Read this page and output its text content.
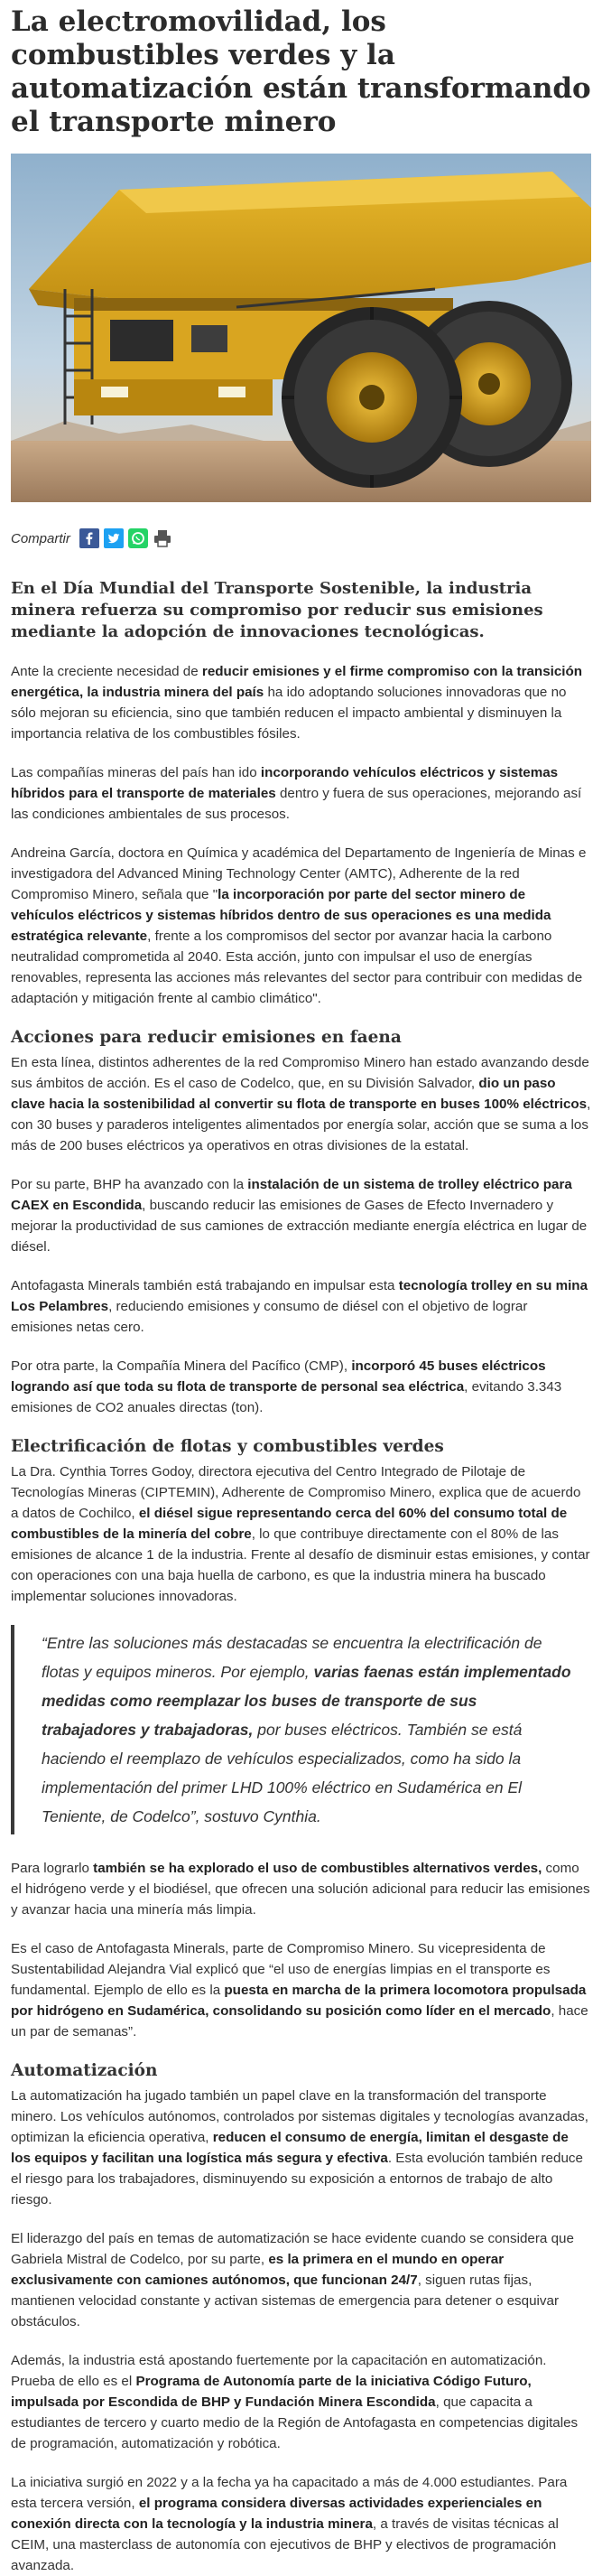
La electromovilidad, los combustibles verdes y la automatización están transformando el transporte minero
Compartir
En el Día Mundial del Transporte Sostenible, la industria minera refuerza su compromiso por reducir sus emisiones mediante la adopción de innovaciones tecnológicas.

Ante la creciente necesidad de reducir emisiones y el firme compromiso con la transición energética, la industria minera del país ha ido adoptando soluciones innovadoras que no sólo mejoran su eficiencia, sino que también reducen el impacto ambiental y disminuyen la importancia relativa de los combustibles fósiles.

Las compañías mineras del país han ido incorporando vehículos eléctricos y sistemas híbridos para el transporte de materiales dentro y fuera de sus operaciones, mejorando así las condiciones ambientales de sus procesos.

Andreina García, doctora en Química y académica del Departamento de Ingeniería de Minas e investigadora del Advanced Mining Technology Center (AMTC), Adherente de la red Compromiso Minero, señala que "la incorporación por parte del sector minero de vehículos eléctricos y sistemas híbridos dentro de sus operaciones es una medida estratégica relevante, frente a los compromisos del sector por avanzar hacia la carbono neutralidad comprometida al 2040. Esta acción, junto con impulsar el uso de energías renovables, representa las acciones más relevantes del sector para contribuir con medidas de adaptación y mitigación frente al cambio climático".

Acciones para reducir emisiones en faena

En esta línea, distintos adherentes de la red Compromiso Minero han estado avanzando desde sus ámbitos de acción. Es el caso de Codelco, que, en su División Salvador, dio un paso clave hacia la sostenibilidad al convertir su flota de transporte en buses 100% eléctricos, con 30 buses y paraderos inteligentes alimentados por energía solar, acción que se suma a los más de 200 buses eléctricos ya operativos en otras divisiones de la estatal.

Por su parte, BHP ha avanzado con la instalación de un sistema de trolley eléctrico para CAEX en Escondida, buscando reducir las emisiones de Gases de Efecto Invernadero y mejorar la productividad de sus camiones de extracción mediante energía eléctrica en lugar de diésel.

Antofagasta Minerals también está trabajando en impulsar esta tecnología trolley en su mina Los Pelambres, reduciendo emisiones y consumo de diésel con el objetivo de lograr emisiones netas cero.

Por otra parte, la Compañía Minera del Pacífico (CMP), incorporó 45 buses eléctricos logrando así que toda su flota de transporte de personal sea eléctrica, evitando 3.343 emisiones de CO2 anuales directas (ton).

Electrificación de flotas y combustibles verdes

La Dra. Cynthia Torres Godoy, directora ejecutiva del Centro Integrado de Pilotaje de Tecnologías Mineras (CIPTEMIN), Adherente de Compromiso Minero, explica que de acuerdo a datos de Cochilco, el diésel sigue representando cerca del 60% del consumo total de combustibles de la minería del cobre, lo que contribuye directamente con el 80% de las emisiones de alcance 1 de la industria. Frente al desafío de disminuir estas emisiones, y contar con operaciones con una baja huella de carbono, es que la industria minera ha buscado implementar soluciones innovadoras.

“Entre las soluciones más destacadas se encuentra la electrificación de flotas y equipos mineros. Por ejemplo, varias faenas están implementado medidas como reemplazar los buses de transporte de sus trabajadores y trabajadoras, por buses eléctricos. También se está haciendo el reemplazo de vehículos especializados, como ha sido la implementación del primer LHD 100% eléctrico en Sudamérica en El Teniente, de Codelco”, sostuvo Cynthia.

Para lograrlo también se ha explorado el uso de combustibles alternativos verdes, como el hidrógeno verde y el biodiésel, que ofrecen una solución adicional para reducir las emisiones y avanzar hacia una minería más limpia.

Es el caso de Antofagasta Minerals, parte de Compromiso Minero. Su vicepresidenta de Sustentabilidad Alejandra Vial explicó que “el uso de energías limpias en el transporte es fundamental. Ejemplo de ello es la puesta en marcha de la primera locomotora propulsada por hidrógeno en Sudamérica, consolidando su posición como líder en el mercado, hace un par de semanas”.

Automatización

La automatización ha jugado también un papel clave en la transformación del transporte minero. Los vehículos autónomos, controlados por sistemas digitales y tecnologías avanzadas, optimizan la eficiencia operativa, reducen el consumo de energía, limitan el desgaste de los equipos y facilitan una logística más segura y efectiva. Esta evolución también reduce el riesgo para los trabajadores, disminuyendo su exposición a entornos de trabajo de alto riesgo.

El liderazgo del país en temas de automatización se hace evidente cuando se considera que Gabriela Mistral de Codelco, por su parte, es la primera en el mundo en operar exclusivamente con camiones autónomos, que funcionan 24/7, siguen rutas fijas, mantienen velocidad constante y activan sistemas de emergencia para detener o esquivar obstáculos.

Además, la industria está apostando fuertemente por la capacitación en automatización. Prueba de ello es el Programa de Autonomía parte de la iniciativa Código Futuro, impulsada por Escondida de BHP y Fundación Minera Escondida, que capacita a estudiantes de tercero y cuarto medio de la Región de Antofagasta en competencias digitales de programación, automatización y robótica.

La iniciativa surgió en 2022 y a la fecha ya ha capacitado a más de 4.000 estudiantes. Para esta tercera versión, el programa considera diversas actividades experienciales en conexión directa con la tecnología y la industria minera, a través de visitas técnicas al CEIM, una masterclass de autonomía con ejecutivos de BHP y electivos de programación avanzada.
